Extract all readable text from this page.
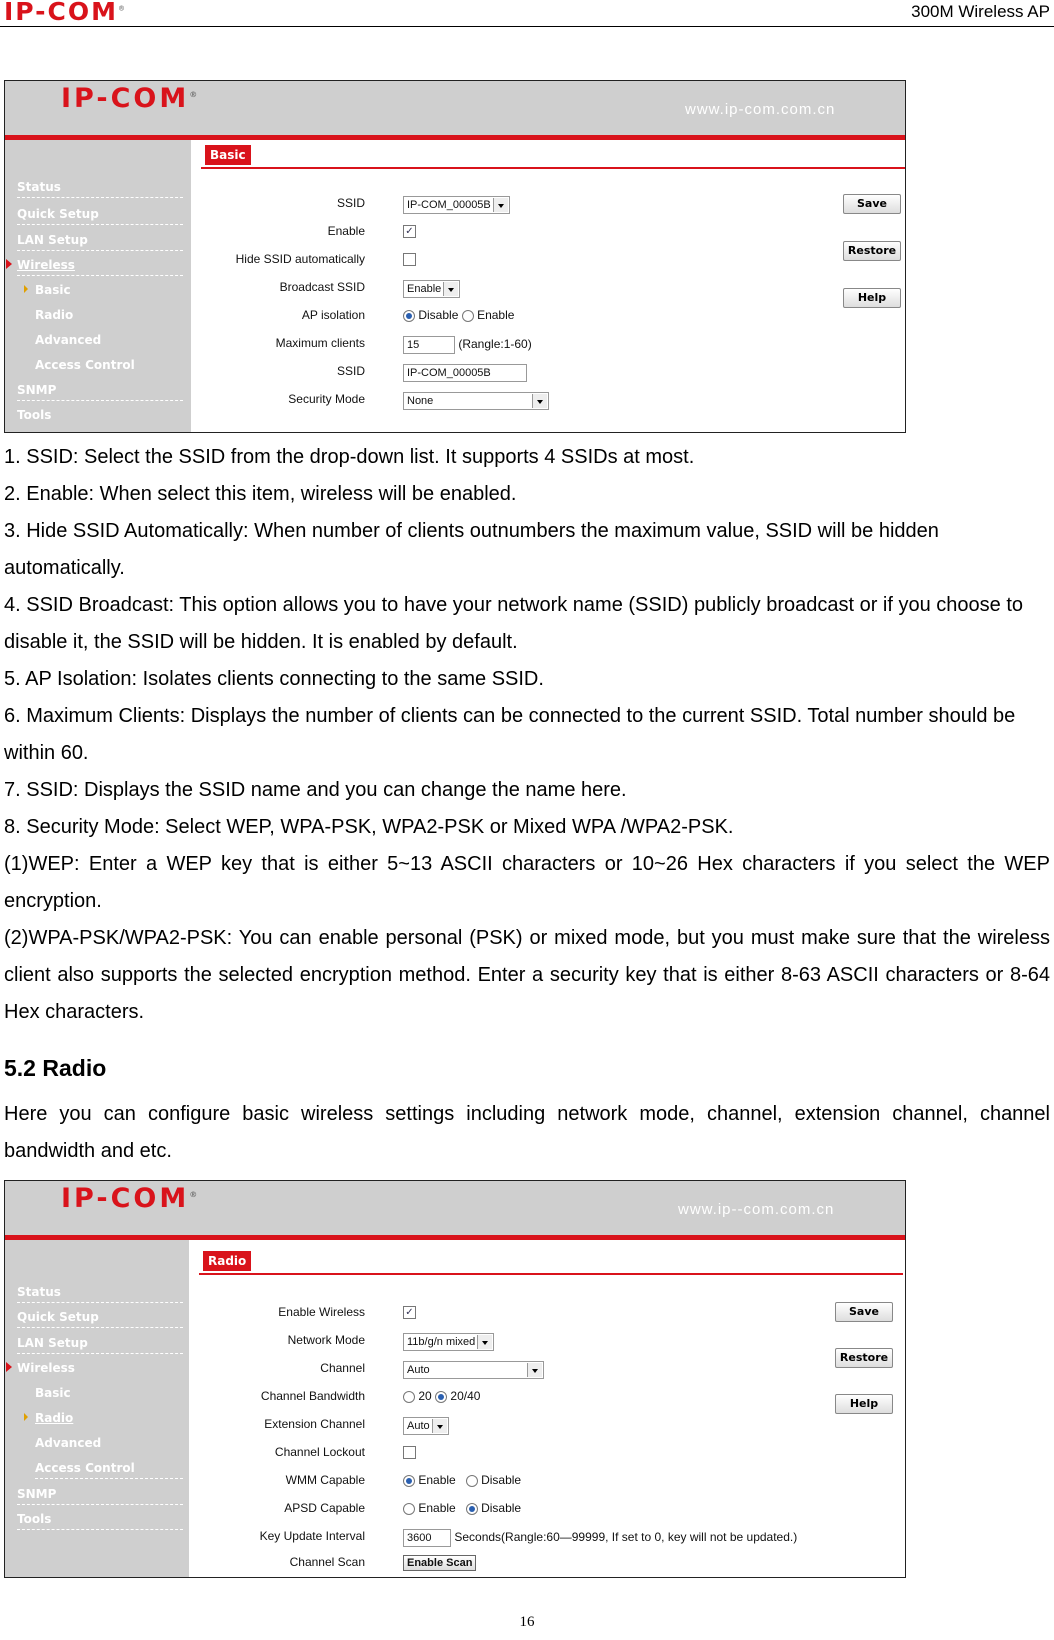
IP-COM®	300M Wireless AP
IP-COM®
www.ip-com.com.cn
Status
Quick Setup
LAN Setup
Wireless
Basic
Radio
Advanced
Access Control
SNMP
Tools
Basic
SSID	IP-COM_00005B
Enable	✓
Hide SSID automatically
Broadcast SSID	Enable
AP isolation	Disable Enable
Maximum clients	15	(Rangle:1-60)
SSID	IP-COM_00005B
Security Mode	None
Save
Restore
Help

1. SSID: Select the SSID from the drop-down list. It supports 4 SSIDs at most.

2. Enable: When select this item, wireless will be enabled.

3. Hide SSID Automatically: When number of clients outnumbers the maximum value, SSID will be hidden automatically.

4. SSID Broadcast: This option allows you to have your network name (SSID) publicly broadcast or if you choose to disable it, the SSID will be hidden. It is enabled by default.

5. AP Isolation: Isolates clients connecting to the same SSID.

6. Maximum Clients: Displays the number of clients can be connected to the current SSID. Total number should be within 60.

7. SSID: Displays the SSID name and you can change the name here.

8. Security Mode: Select WEP, WPA-PSK, WPA2-PSK or Mixed WPA /WPA2-PSK.

(1)WEP: Enter a WEP key that is either 5~13 ASCII characters or 10~26 Hex characters if you select the WEP encryption.

(2)WPA-PSK/WPA2-PSK: You can enable personal (PSK) or mixed mode, but you must make sure that the wireless client also supports the selected encryption method. Enter a security key that is either 8-63 ASCII characters or 8-64 Hex characters.

5.2 Radio

Here you can configure basic wireless settings including network mode, channel, extension channel, channel bandwidth and etc.

IP-COM®
www.ip--com.com.cn
Status
Quick Setup
LAN Setup
Wireless
Basic
Radio
Advanced
Access Control
SNMP
Tools
Radio
Enable Wireless	✓
Network Mode	11b/g/n mixed
Channel	Auto
Channel Bandwidth	20 20/40
Extension Channel	Auto
Channel Lockout
WMM Capable	Enable Disable
APSD Capable	Enable Disable
Key Update Interval	3600 Seconds(Rangle:60—99999, If set to 0, key will not be updated.)
Channel Scan	Enable Scan
Save
Restore
Help
16
